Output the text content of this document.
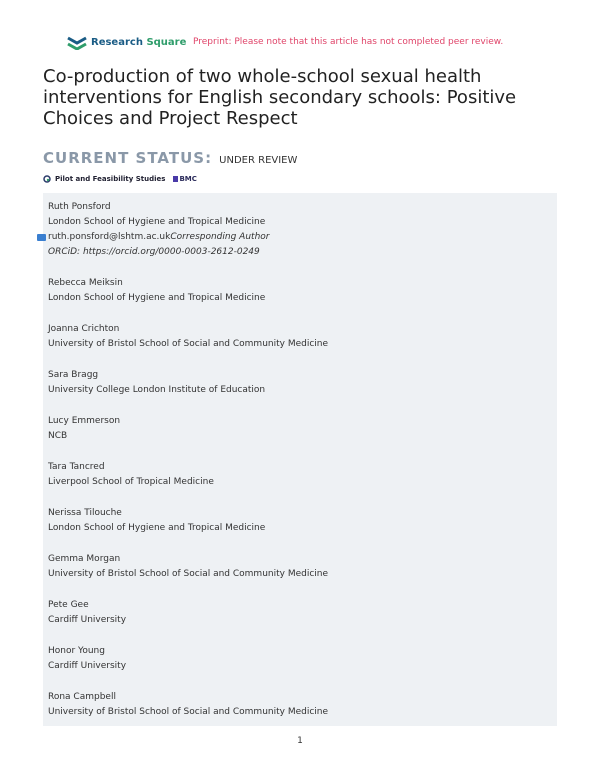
Research Square Preprint: Please note that this article has not completed peer review.
Co-production of two whole-school sexual health interventions for English secondary schools: Positive Choices and Project Respect
CURRENT STATUS: UNDER REVIEW
Pilot and Feasibility Studies BMC
Ruth Ponsford
London School of Hygiene and Tropical Medicine
ruth.ponsford@lshtm.ac.ukCorresponding Author
ORCiD: https://orcid.org/0000-0003-2612-0249
Rebecca Meiksin
London School of Hygiene and Tropical Medicine
Joanna Crichton
University of Bristol School of Social and Community Medicine
Sara Bragg
University College London Institute of Education
Lucy Emmerson
NCB
Tara Tancred
Liverpool School of Tropical Medicine
Nerissa Tilouche
London School of Hygiene and Tropical Medicine
Gemma Morgan
University of Bristol School of Social and Community Medicine
Pete Gee
Cardiff University
Honor Young
Cardiff University
Rona Campbell
University of Bristol School of Social and Community Medicine
1
